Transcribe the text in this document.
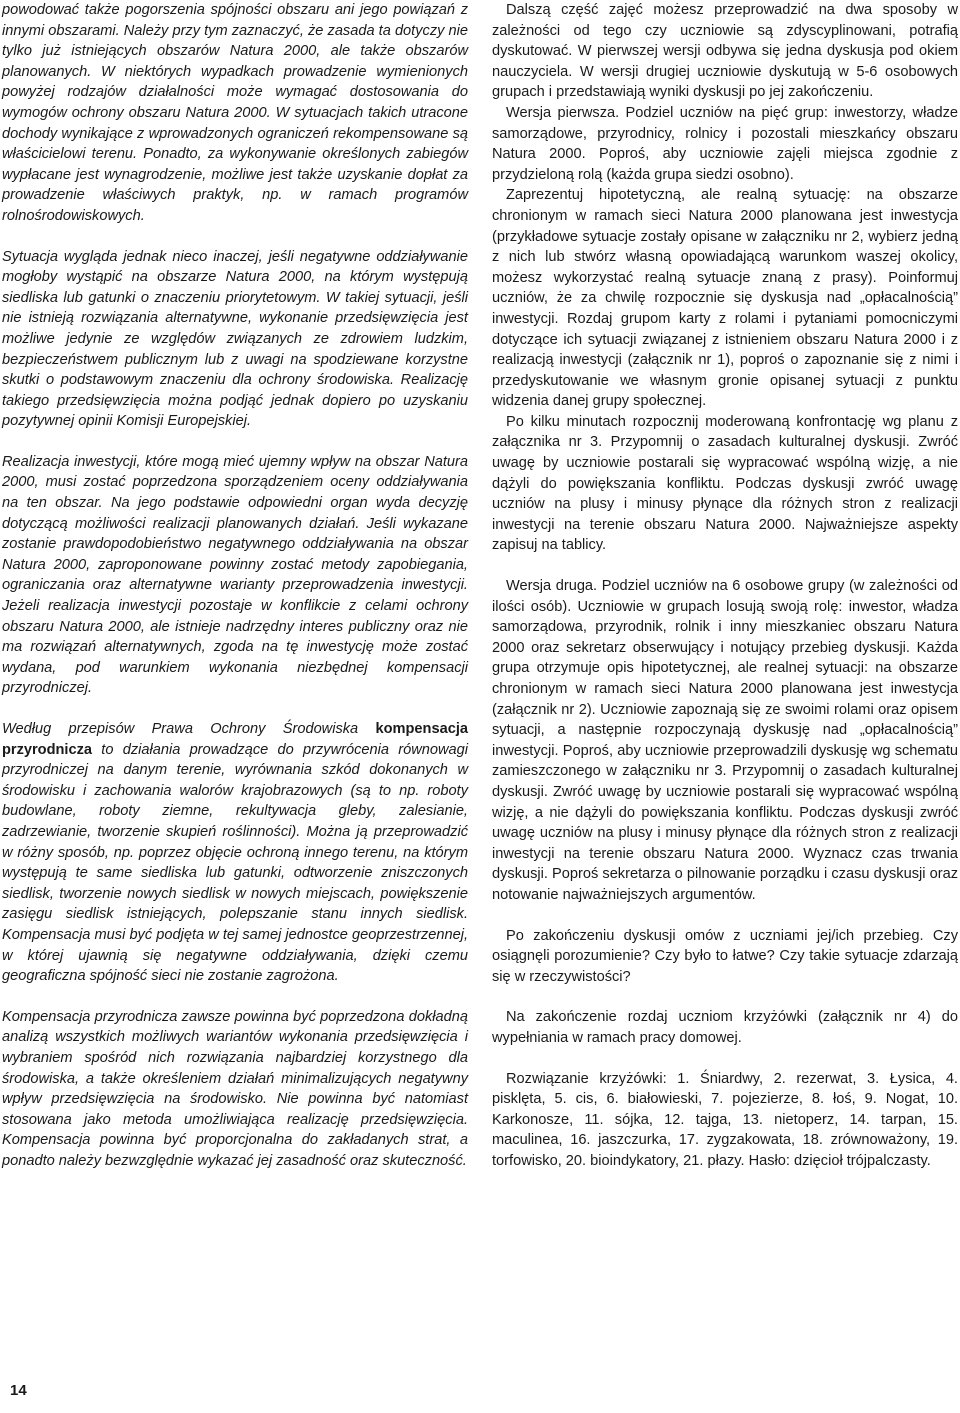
powodować także pogorszenia spójności obszaru ani jego powiązań z innymi obszarami. Należy przy tym zaznaczyć, że zasada ta dotyczy nie tylko już istniejących obszarów Natura 2000, ale także obszarów planowanych. W niektórych wypadkach prowadzenie wymienionych powyżej rodzajów działalności może wymagać dostosowania do wymogów ochrony obszaru Natura 2000. W sytuacjach takich utracone dochody wynikające z wprowadzonych ograniczeń rekompensowane są właścicielowi terenu. Ponadto, za wykonywanie określonych zabiegów wypłacane jest wynagrodzenie, możliwe jest także uzyskanie dopłat za prowadzenie właściwych praktyk, np. w ramach programów rolnośrodowiskowych.

Sytuacja wygląda jednak nieco inaczej, jeśli negatywne oddziaływanie mogłoby wystąpić na obszarze Natura 2000, na którym występują siedliska lub gatunki o znaczeniu priorytetowym. W takiej sytuacji, jeśli nie istnieją rozwiązania alternatywne, wykonanie przedsięwzięcia jest możliwe jedynie ze względów związanych ze zdrowiem ludzkim, bezpieczeństwem publicznym lub z uwagi na spodziewane korzystne skutki o podstawowym znaczeniu dla ochrony środowiska. Realizację takiego przedsięwzięcia można podjąć jednak dopiero po uzyskaniu pozytywnej opinii Komisji Europejskiej.

Realizacja inwestycji, które mogą mieć ujemny wpływ na obszar Natura 2000, musi zostać poprzedzona sporządzeniem oceny oddziaływania na ten obszar. Na jego podstawie odpowiedni organ wyda decyzję dotyczącą możliwości realizacji planowanych działań. Jeśli wykazane zostanie prawdopodobieństwo negatywnego oddziaływania na obszar Natura 2000, zaproponowane powinny zostać metody zapobiegania, ograniczania oraz alternatywne warianty przeprowadzenia inwestycji. Jeżeli realizacja inwestycji pozostaje w konflikcie z celami ochrony obszaru Natura 2000, ale istnieje nadrzędny interes publiczny oraz nie ma rozwiązań alternatywnych, zgoda na tę inwestycję może zostać wydana, pod warunkiem wykonania niezbędnej kompensacji przyrodniczej.

Według przepisów Prawa Ochrony Środowiska kompensacja przyrodnicza to działania prowadzące do przywrócenia równowagi przyrodniczej na danym terenie, wyrównania szkód dokonanych w środowisku i zachowania walorów krajobrazowych (są to np. roboty budowlane, roboty ziemne, rekultywacja gleby, zalesianie, zadrzewianie, tworzenie skupień roślinności). Można ją przeprowadzić w różny sposób, np. poprzez objęcie ochroną innego terenu, na którym występują te same siedliska lub gatunki, odtworzenie zniszczonych siedlisk, tworzenie nowych siedlisk w nowych miejscach, powiększenie zasięgu siedlisk istniejących, polepszanie stanu innych siedlisk. Kompensacja musi być podjęta w tej samej jednostce geoprzestrzennej, w której ujawnią się negatywne oddziaływania, dzięki czemu geograficzna spójność sieci nie zostanie zagrożona.

Kompensacja przyrodnicza zawsze powinna być poprzedzona dokładną analizą wszystkich możliwych wariantów wykonania przedsięwzięcia i wybraniem spośród nich rozwiązania najbardziej korzystnego dla środowiska, a także określeniem działań minimalizujących negatywny wpływ przedsięwzięcia na środowisko. Nie powinna być natomiast stosowana jako metoda umożliwiająca realizację przedsięwzięcia. Kompensacja powinna być proporcjonalna do zakładanych strat, a ponadto należy bezwzględnie wykazać jej zasadność oraz skuteczność.

Dalszą część zajęć możesz przeprowadzić na dwa sposoby w zależności od tego czy uczniowie są zdyscyplinowani, potrafią dyskutować. W pierwszej wersji odbywa się jedna dyskusja pod okiem nauczyciela. W wersji drugiej uczniowie dyskutują w 5-6 osobowych grupach i przedstawiają wyniki dyskusji po jej zakończeniu.

Wersja pierwsza. Podziel uczniów na pięć grup: inwestorzy, władze samorządowe, przyrodnicy, rolnicy i pozostali mieszkańcy obszaru Natura 2000. Poproś, aby uczniowie zajęli miejsca zgodnie z przydzieloną rolą (każda grupa siedzi osobno).

Zaprezentuj hipotetyczną, ale realną sytuację: na obszarze chronionym w ramach sieci Natura 2000 planowana jest inwestycja (przykładowe sytuacje zostały opisane w załączniku nr 2, wybierz jedną z nich lub stwórz własną opowiadającą warunkom waszej okolicy, możesz wykorzystać realną sytuacje znaną z prasy). Poinformuj uczniów, że za chwilę rozpocznie się dyskusja nad „opłacalnością” inwestycji. Rozdaj grupom karty z rolami i pytaniami pomocniczymi dotyczące ich sytuacji związanej z istnieniem obszaru Natura 2000 i z realizacją inwestycji (załącznik nr 1), poproś o zapoznanie się z nimi i przedyskutowanie we własnym gronie opisanej sytuacji z punktu widzenia danej grupy społecznej.

Po kilku minutach rozpocznij moderowaną konfrontację wg planu z załącznika nr 3. Przypomnij o zasadach kulturalnej dyskusji. Zwróć uwagę by uczniowie postarali się wypracować wspólną wizję, a nie dążyli do powiększania konfliktu. Podczas dyskusji zwróć uwagę uczniów na plusy i minusy płynące dla różnych stron z realizacji inwestycji na terenie obszaru Natura 2000. Najważniejsze aspekty zapisuj na tablicy.

Wersja druga. Podziel uczniów na 6 osobowe grupy (w zależności od ilości osób). Uczniowie w grupach losują swoją rolę: inwestor, władza samorządowa, przyrodnik, rolnik i inny mieszkaniec obszaru Natura 2000 oraz sekretarz obserwujący i notujący przebieg dyskusji. Każda grupa otrzymuje opis hipotetycznej, ale realnej sytuacji: na obszarze chronionym w ramach sieci Natura 2000 planowana jest inwestycja (załącznik nr 2). Uczniowie zapoznają się ze swoimi rolami oraz opisem sytuacji, a następnie rozpoczynają dyskusję nad „opłacalnością” inwestycji. Poproś, aby uczniowie przeprowadzili dyskusję wg schematu zamieszczonego w załączniku nr 3. Przypomnij o zasadach kulturalnej dyskusji. Zwróć uwagę by uczniowie postarali się wypracować wspólną wizję, a nie dążyli do powiększania konfliktu. Podczas dyskusji zwróć uwagę uczniów na plusy i minusy płynące dla różnych stron z realizacji inwestycji na terenie obszaru Natura 2000. Wyznacz czas trwania dyskusji. Poproś sekretarza o pilnowanie porządku i czasu dyskusji oraz notowanie najważniejszych argumentów.

Po zakończeniu dyskusji omów z uczniami jej/ich przebieg. Czy osiągnęli porozumienie? Czy było to łatwe? Czy takie sytuacje zdarzają się w rzeczywistości?

Na zakończenie rozdaj uczniom krzyżówki (załącznik nr 4) do wypełniania w ramach pracy domowej.

Rozwiązanie krzyżówki: 1. Śniardwy, 2. rezerwat, 3. Łysica, 4. pisklęta, 5. cis, 6. białowieski, 7. pojezierze, 8. łoś, 9. Nogat, 10. Karkonosze, 11. sójka, 12. tajga, 13. nietoperz, 14. tarpan, 15. maculinea, 16. jaszczurka, 17. zygzakowata, 18. zrównoważony, 19. torfowisko, 20. bioindykatory, 21. płazy. Hasło: dzięcioł trójpalczasty.

14
